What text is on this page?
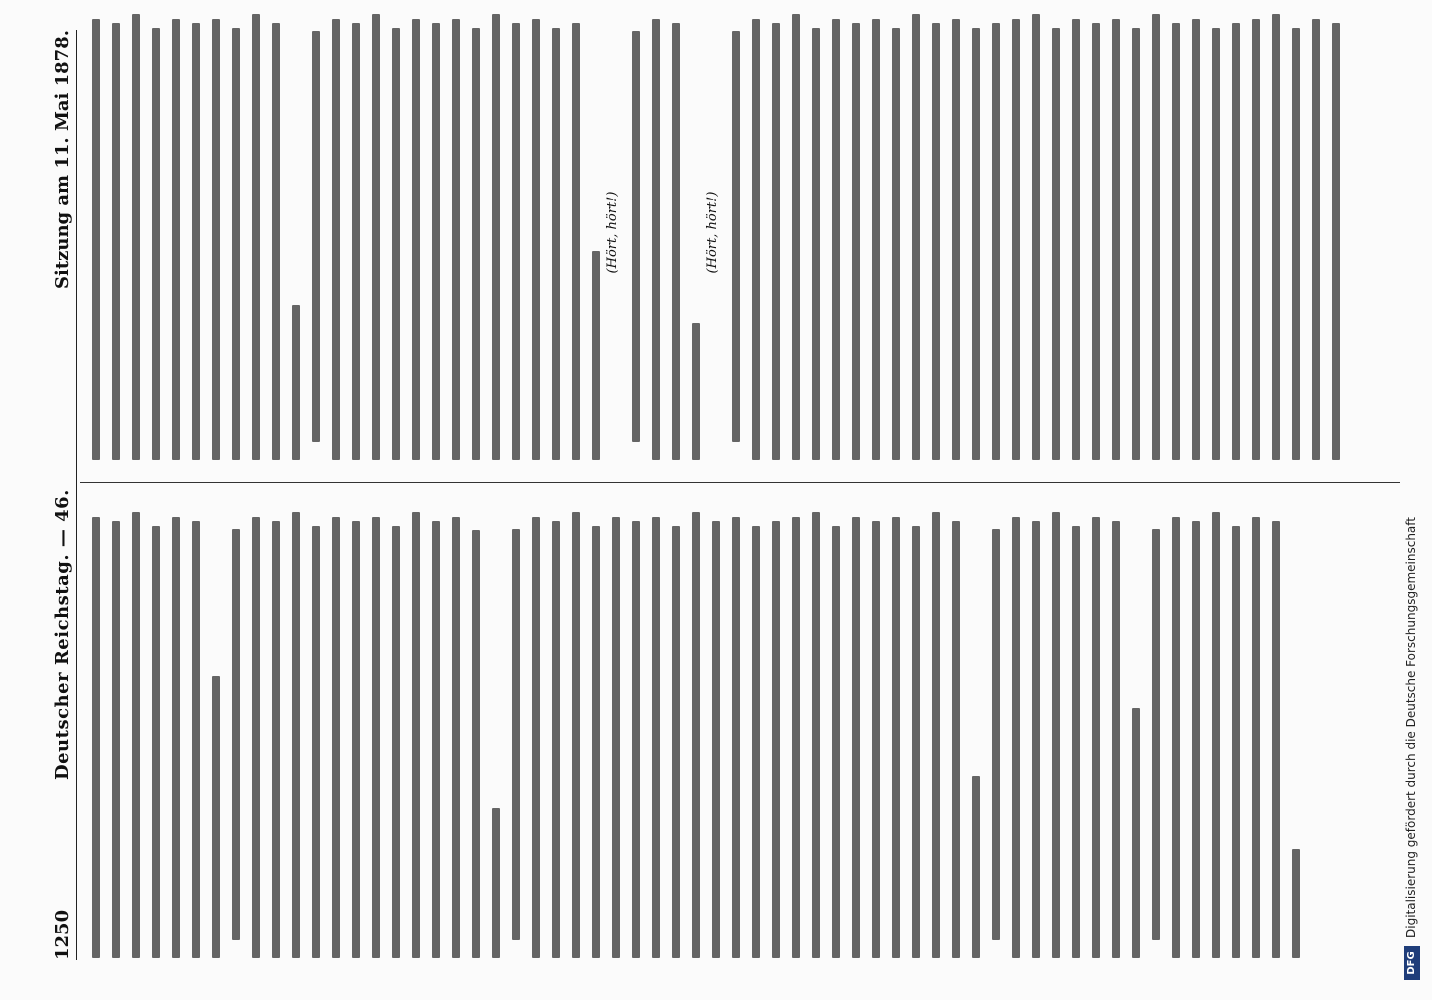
1250
Deutscher Reichstag. — 46.
Sitzung am 11. Mai 1878.	(Hört, hört!)	(Hört, hört!)
DFG
Digitalisierung gefördert durch die Deutsche Forschungsgemeinschaft
